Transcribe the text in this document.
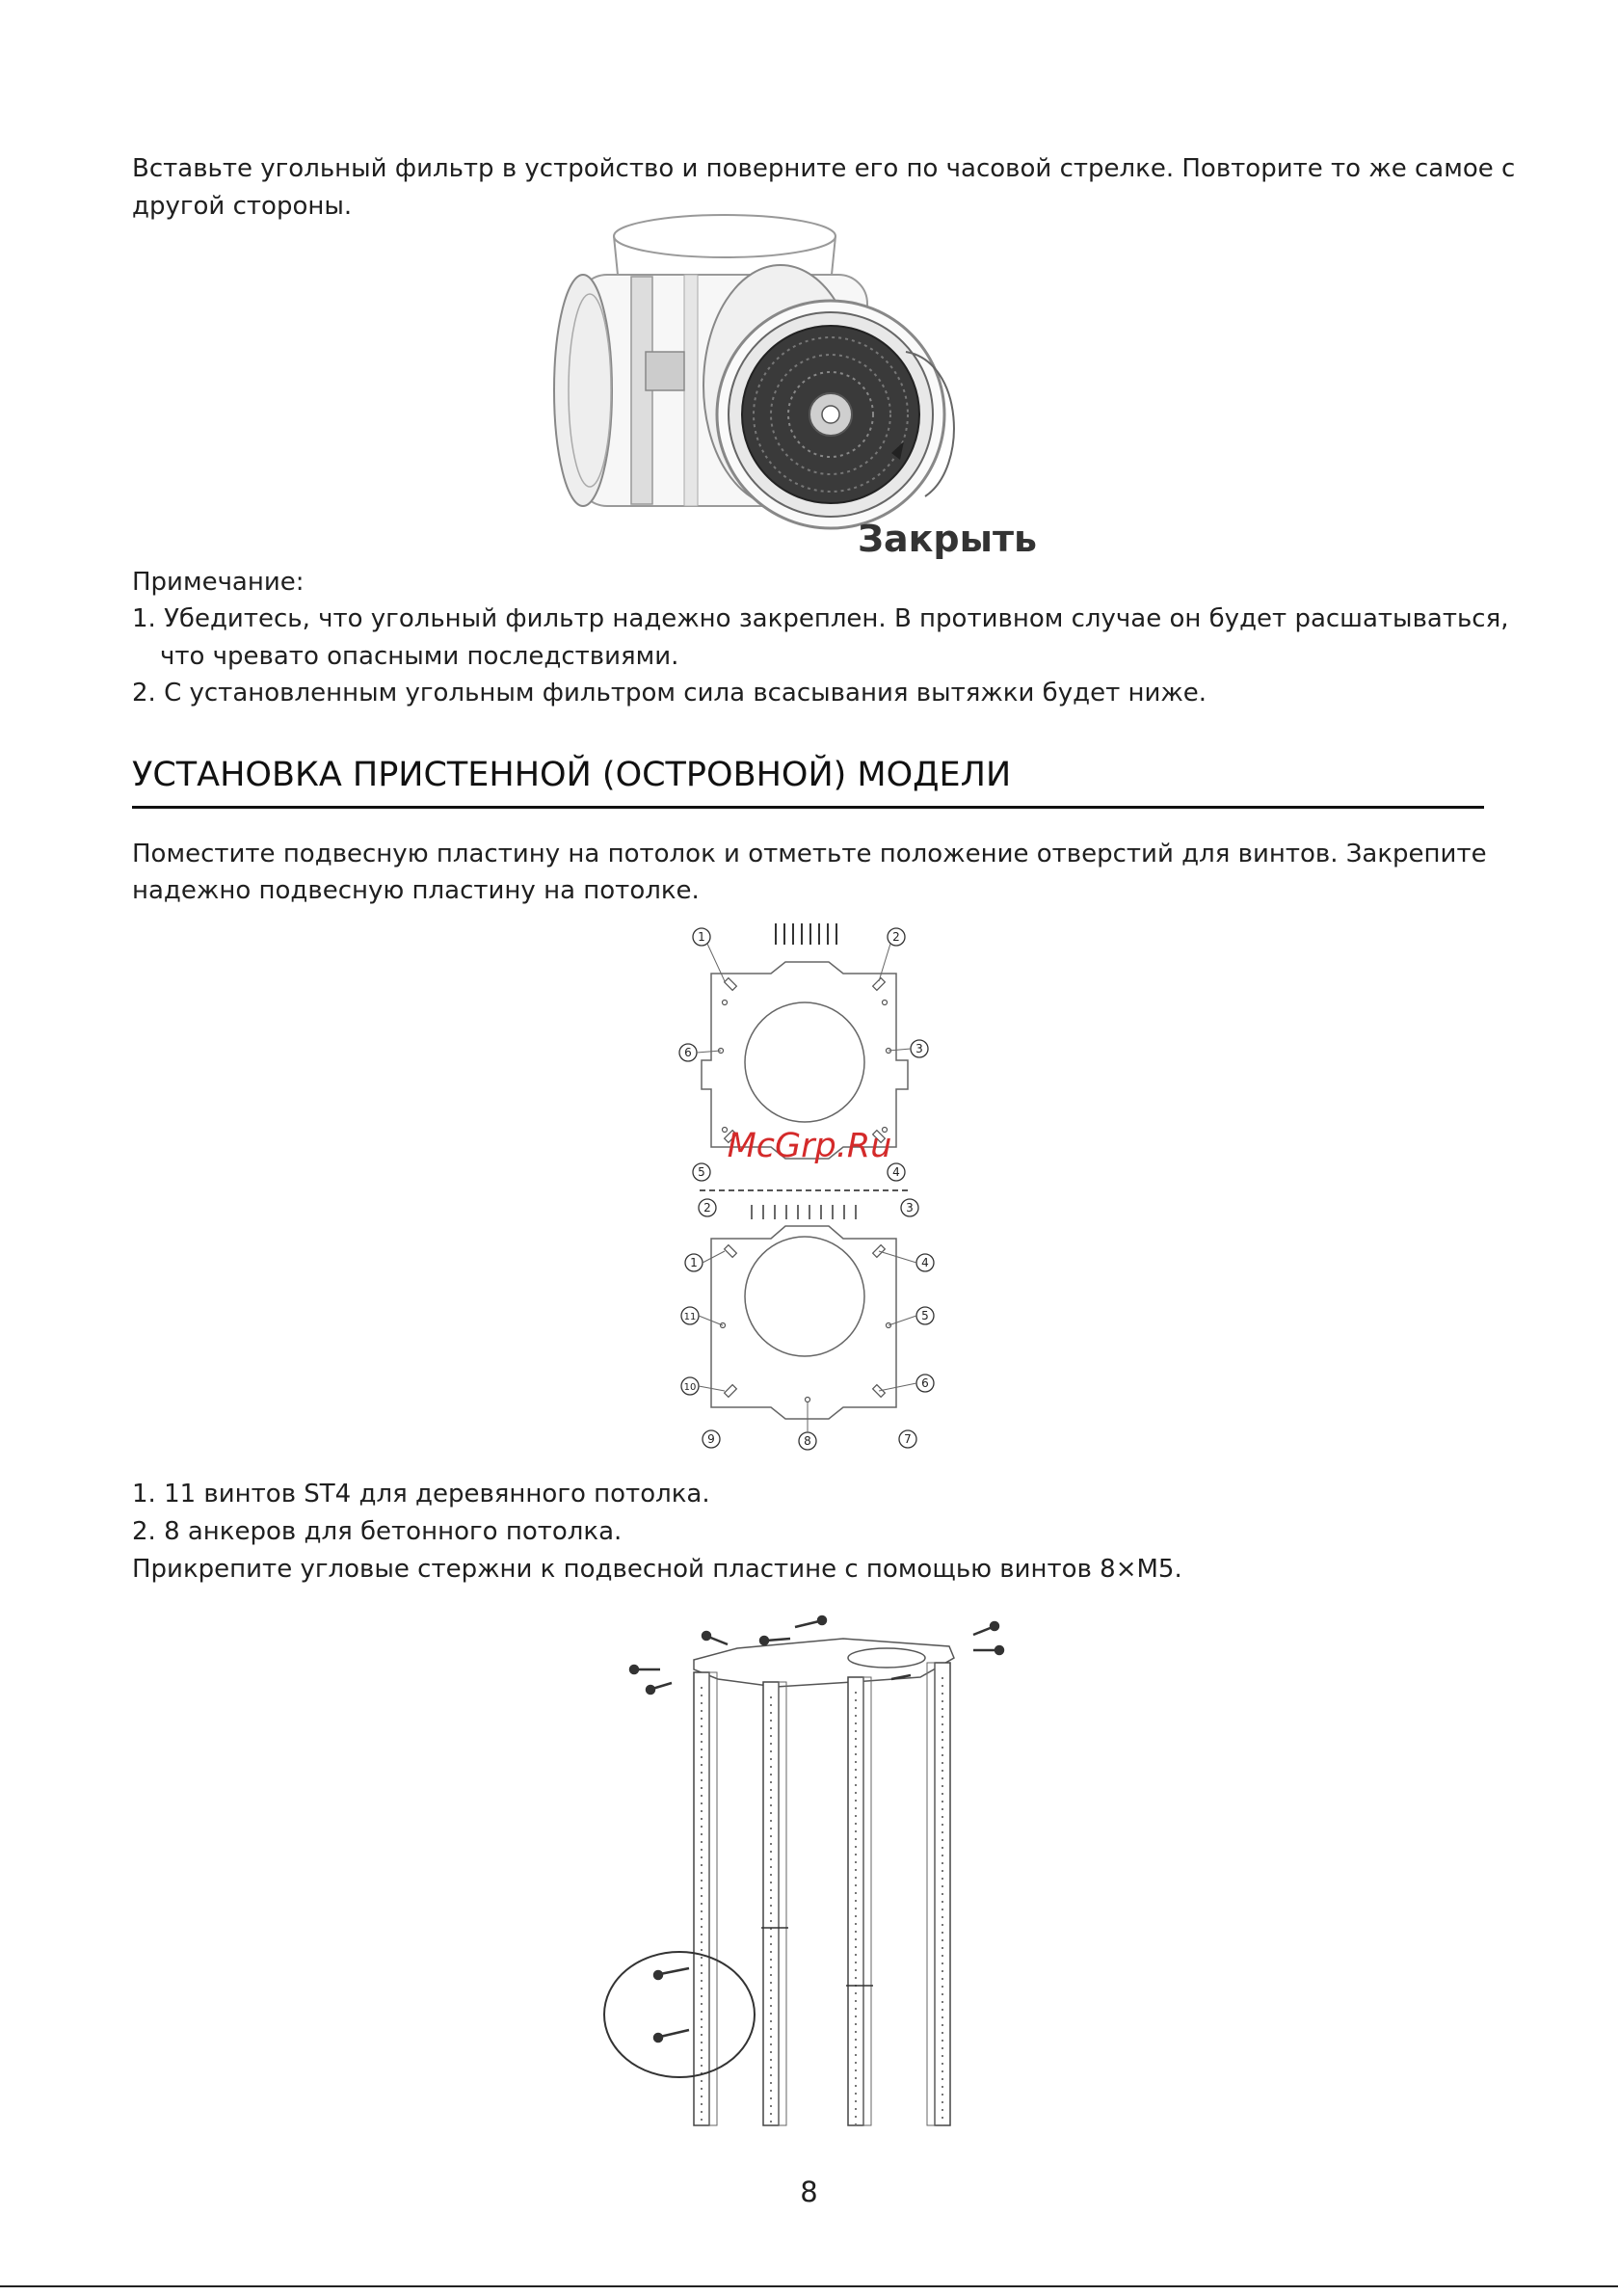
Вставьте угольный фильтр в устройство и поверните его по часовой стрелке. Повторите то же самое с
другой стороны.
Закрыть
Примечание:
1. Убедитесь, что угольный фильтр надежно закреплен. В противном случае он будет расшатываться,
что чревато опасными последствиями.
2. С установленным угольным фильтром сила всасывания вытяжки будет ниже.
УСТАНОВКА ПРИСТЕННОЙ (ОСТРОВНОЙ) МОДЕЛИ
Поместите подвесную пластину на потолок и отметьте положение отверстий для винтов. Закрепите
надежно подвесную пластину на потолке.
1	2
3
4
5
6
1
2	3
4
5
6
7
8
9
10
11
McGrp.Ru
1. 11 винтов ST4 для деревянного потолка.
2. 8 анкеров для бетонного потолка.
Прикрепите угловые стержни к подвесной пластине с помощью винтов 8×M5.
8
